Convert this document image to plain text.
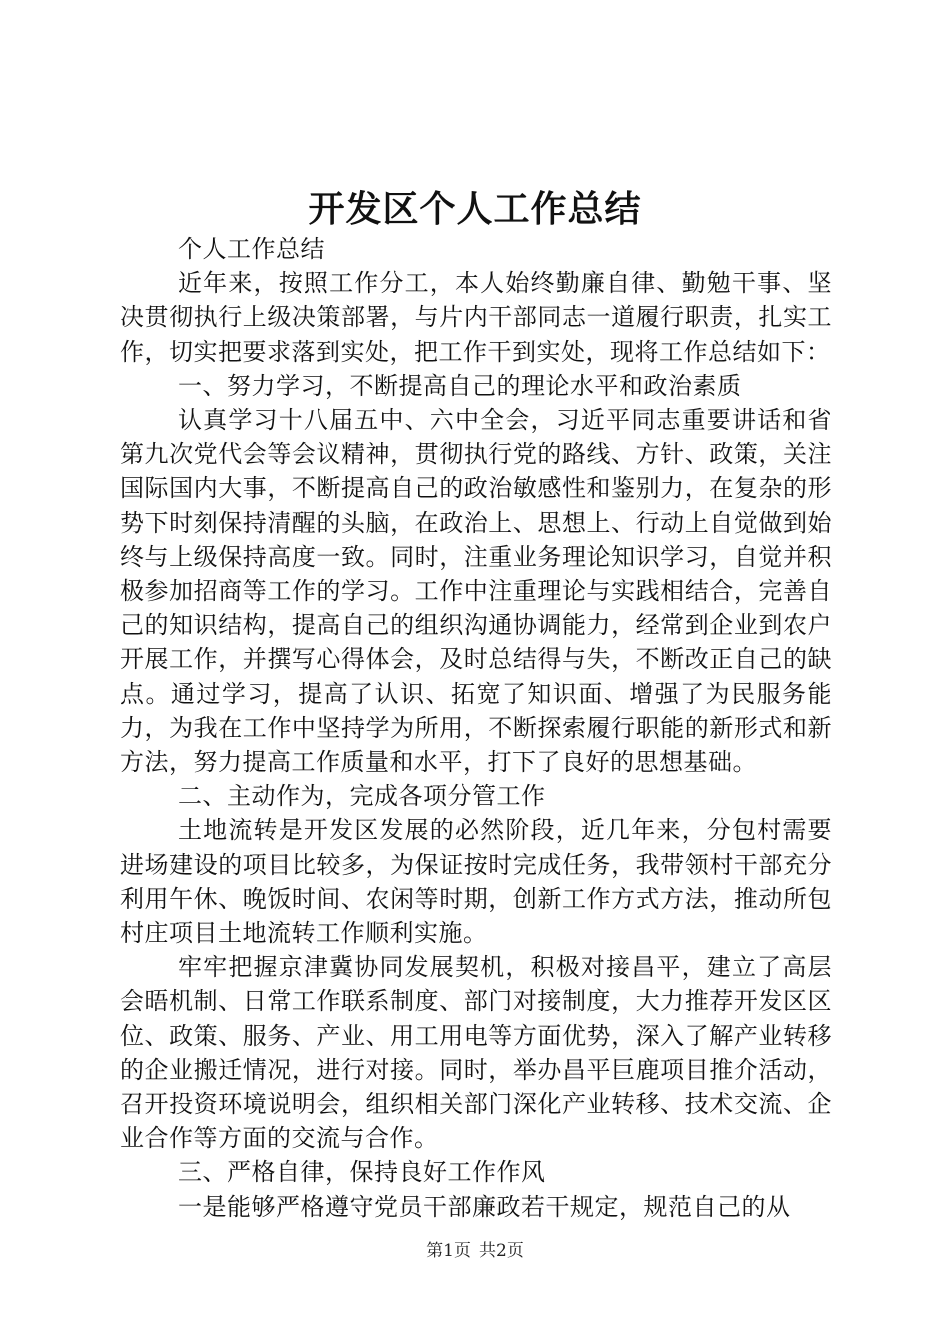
开发区个人工作总结

个人工作总结

近年来，按照工作分工，本人始终勤廉自律、勤勉干事、坚决贯彻执行上级决策部署，与片内干部同志一道履行职责，扎实工作，切实把要求落到实处，把工作干到实处，现将工作总结如下：

一、努力学习，不断提高自己的理论水平和政治素质

认真学习十八届五中、六中全会，习近平同志重要讲话和省第九次党代会等会议精神，贯彻执行党的路线、方针、政策，关注国际国内大事，不断提高自己的政治敏感性和鉴别力，在复杂的形势下时刻保持清醒的头脑，在政治上、思想上、行动上自觉做到始终与上级保持高度一致。同时，注重业务理论知识学习，自觉并积极参加招商等工作的学习。工作中注重理论与实践相结合，完善自己的知识结构，提高自己的组织沟通协调能力，经常到企业到农户开展工作，并撰写心得体会，及时总结得与失，不断改正自己的缺点。通过学习，提高了认识、拓宽了知识面、增强了为民服务能力，为我在工作中坚持学为所用，不断探索履行职能的新形式和新方法，努力提高工作质量和水平，打下了良好的思想基础。

二、主动作为，完成各项分管工作

土地流转是开发区发展的必然阶段，近几年来，分包村需要进场建设的项目比较多，为保证按时完成任务，我带领村干部充分利用午休、晚饭时间、农闲等时期，创新工作方式方法，推动所包村庄项目土地流转工作顺利实施。

牢牢把握京津冀协同发展契机，积极对接昌平，建立了高层会晤机制、日常工作联系制度、部门对接制度，大力推荐开发区区位、政策、服务、产业、用工用电等方面优势，深入了解产业转移的企业搬迁情况，进行对接。同时，举办昌平巨鹿项目推介活动，召开投资环境说明会，组织相关部门深化产业转移、技术交流、企业合作等方面的交流与合作。

三、严格自律，保持良好工作作风

一是能够严格遵守党员干部廉政若干规定，规范自己的从

第1页 共2页
